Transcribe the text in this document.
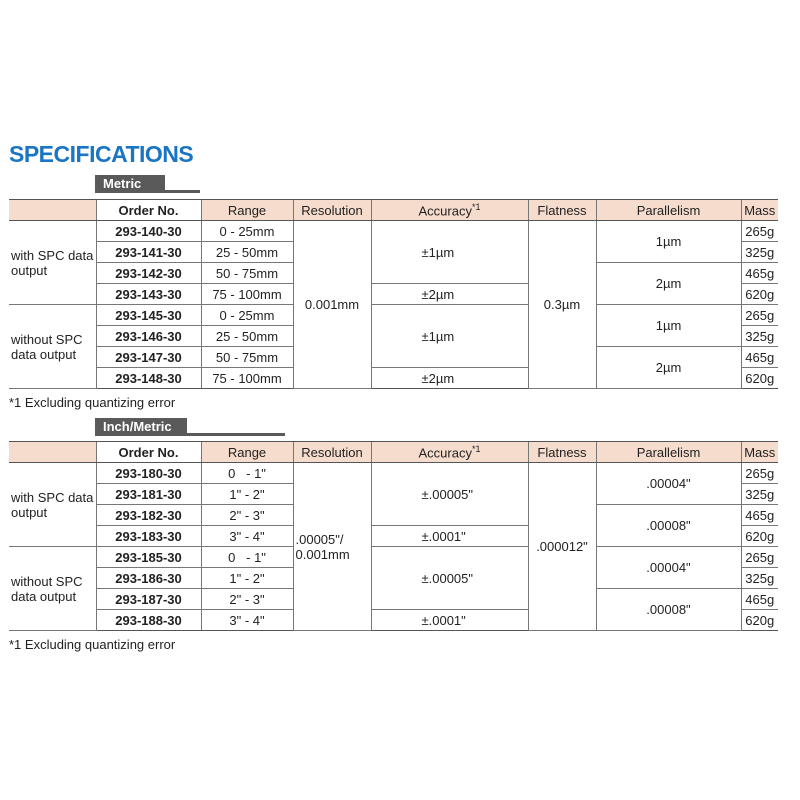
SPECIFICATIONS
Metric
	Order No.	Range	Resolution	Accuracy$^{*1}$	Flatness	Parallelism	Mass
with SPC data output	293-140-30	0 - 25mm	0.001mm	±1µm	0.3µm	1µm	265g
	293-141-30	25 - 50mm					325g
	293-142-30	50 - 75mm				2µm	465g
	293-143-30	75 - 100mm		±2µm			620g
without SPC data output	293-145-30	0 - 25mm		±1µm		1µm	265g
	293-146-30	25 - 50mm					325g
	293-147-30	50 - 75mm				2µm	465g
	293-148-30	75 - 100mm		±2µm			620g
*1 Excluding quantizing error
Inch/Metric
	Order No.	Range	Resolution	Accuracy$^{*1}$	Flatness	Parallelism	Mass
with SPC data output	293-180-30	0   - 1"	.00005"/ 0.001mm	±.00005"	.000012"	.00004"	265g
	293-181-30	1" - 2"					325g
	293-182-30	2" - 3"				.00008"	465g
	293-183-30	3" - 4"		±.0001"			620g
without SPC data output	293-185-30	0   - 1"		±.00005"		.00004"	265g
	293-186-30	1" - 2"					325g
	293-187-30	2" - 3"				.00008"	465g
	293-188-30	3" - 4"		±.0001"			620g
*1 Excluding quantizing error
